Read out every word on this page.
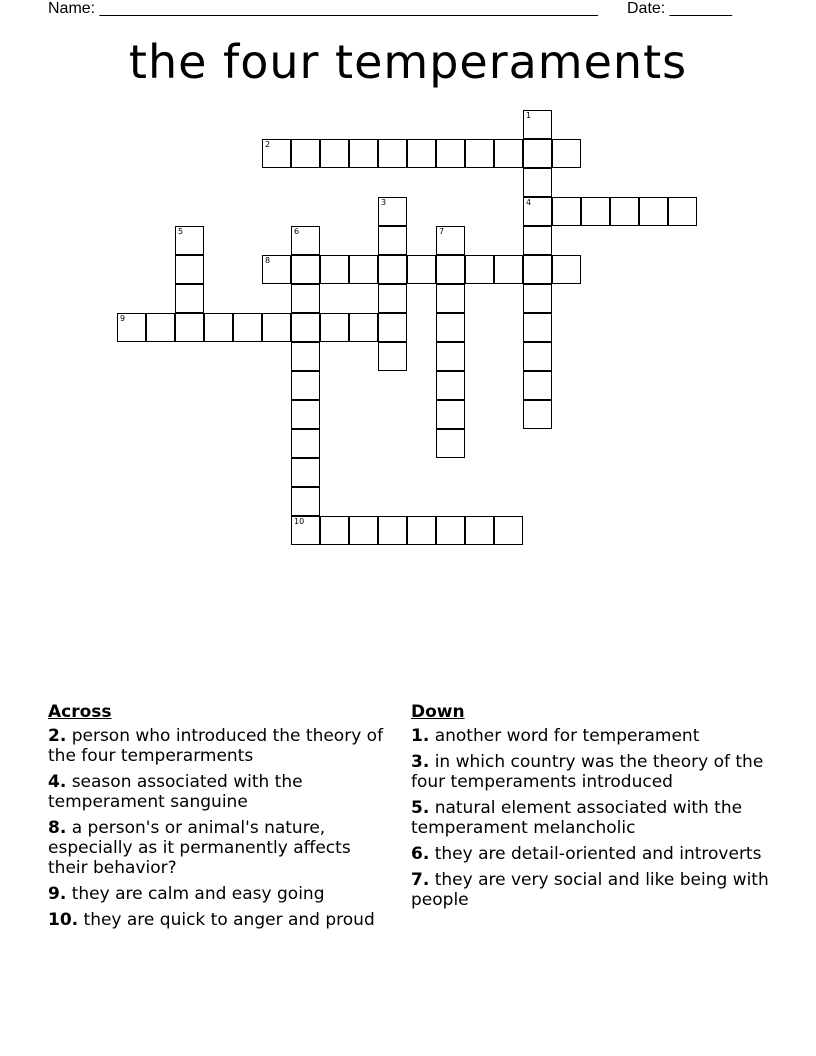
Name: ________________________________________________________ Date: _______
the four temperaments
1
4
2
3
5	6
10
7
8
9
Across
2. person who introduced the theory of the four temperarments
4. season associated with the temperament sanguine
8. a person's or animal's nature, especially as it permanently affects their behavior?
9. they are calm and easy going
10. they are quick to anger and proud
Down
1. another word for temperament
3. in which country was the theory of the four temperaments introduced
5. natural element associated with the temperament melancholic
6. they are detail-oriented and introverts
7. they are very social and like being with people
